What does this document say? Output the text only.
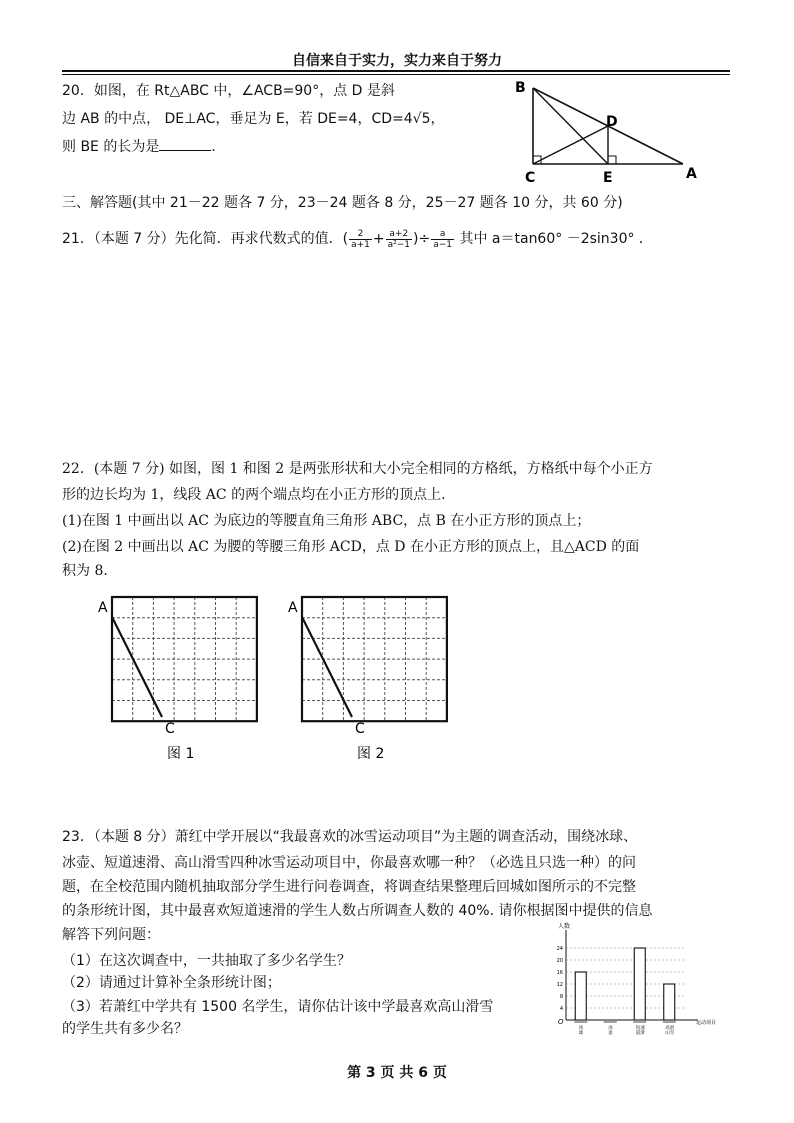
自信来自于实力，实力来自于努力
20．如图，在 Rt△ABC 中，∠ACB=90°，点 D 是斜
边 AB 的中点， DE⊥AC，垂足为 E，若 DE=4，CD=4√5，
则 BE 的长为是	．
B
D
C	E	A
三、解答题(其中 21－22 题各 7 分，23－24 题各 8 分，25－27 题各 10 分，共 60 分)
21．（本题 7 分）先化简．再求代数式的值．( $\frac{2}{a+1} + \frac{a+2}{\text{a²−1}}$ )÷ $\frac{a}{a-1}$ 其中 a＝tan60° －2sin30° ．
22．(本题 7 分) 如图，图 1 和图 2 是两张形状和大小完全相同的方格纸，方格纸中每个小正方
形的边长均为 1，线段 AC 的两个端点均在小正方形的顶点上.
(1)在图 1 中画出以 AC 为底边的等腰直角三角形 ABC，点 B 在小正方形的顶点上；
(2)在图 2 中画出以 AC 为腰的等腰三角形 ACD，点 D 在小正方形的顶点上，且△ACD 的面
积为 8.
A
C
图 1
A
C
图 2
23．（本题 8 分）萧红中学开展以“我最喜欢的冰雪运动项目”为主题的调查活动，围绕冰球、
冰壶、短道速滑、高山滑雪四种冰雪运动项目中，你最喜欢哪一种？（必选且只选一种）的问
题，在全校范围内随机抽取部分学生进行问卷调查，将调查结果整理后回城如图所示的不完整
的条形统计图，其中最喜欢短道速滑的学生人数占所调查人数的 40%. 请你根据图中提供的信息
解答下列问题：
（1）在这次调查中，一共抽取了多少名学生？
（2）请通过计算补全条形统计图；
（3）若萧红中学共有 1500 名学生，请你估计该中学最喜欢高山滑雪
的学生共有多少名？
4
8
12
16
20
24
人数
运动项目
O
冰
球
冰
壶
短
道
速
滑
高
山
滑
雪
第 3 页 共 6 页
